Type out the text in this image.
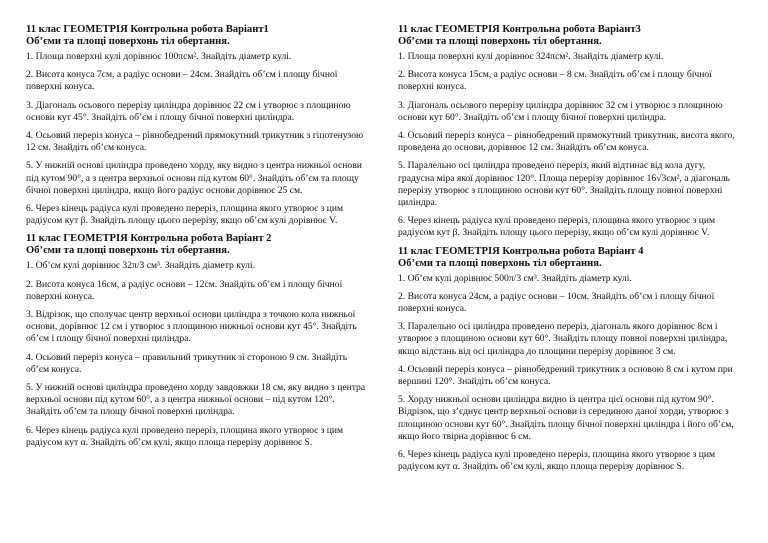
11 клас ГЕОМЕТРІЯ Контрольна робота Варіант1
Об’єми та площі поверхонь тіл обертання.

1. Площа поверхні кулі дорівнює 100πсм². Знайдіть діаметр кулі.

2. Висота конуса 7см, а радіус основи – 24см. Знайдіть об’єм і площу бічної поверхні конуса.

3. Діагональ осьового перерізу циліндра дорівнює 22 см і утворює з площиною основи кут 45°. Знайдіть об’єм і площу бічної поверхні циліндра.

4. Осьовий переріз конуса – рівнобедрений прямокутний трикутник з гіпотенузою 12 см. Знайдіть об’єм конуса.

5. У нижній основі циліндра проведено хорду, яку видно з центра нижньої основи під кутом 90°, а з центра верхньої основи під кутом 60°. Знайдіть об’єм та площу бічної поверхні циліндра, якщо його радіус основи дорівнює 25 см.

6. Через кінець радіуса кулі проведено переріз, площина якого утворює з цим радіусом кут β. Знайдіть площу цього перерізу, якщо об’єм кулі дорівнює V.

11 клас ГЕОМЕТРІЯ Контрольна робота Варіант 2
Об’єми та площі поверхонь тіл обертання.

1. Об’єм кулі дорівнює 32π/3 см³. Знайдіть діаметр кулі.

2. Висота конуса 16см, а радіус основи – 12см. Знайдіть об’єм і площу бічної поверхні конуса.

3. Відрізок, що сполучає центр верхньої основи циліндра з точкою кола нижньої основи, дорівнює 12 см і утворює з площиною нижньої основи кут 45°. Знайдіть об’єм і площу бічної поверхні циліндра.

4. Осьовий переріз конуса – правильний трикутник зі стороною 9 см. Знайдіть об’єм конуса.

5. У нижній основі циліндра проведено хорду завдовжки 18 см, яку видно з центра верхньої основи під кутом 60°, а з центра нижньої основи – під кутом 120°. Знайдіть об’єм та площу бічної поверхні циліндра.

6. Через кінець радіуса кулі проведено переріз, площина якого утворює з цим радіусом кут α. Знайдіть об’єм кулі, якщо площа перерізу дорівнює S.

11 клас ГЕОМЕТРІЯ Контрольна робота Варіант3
Об’єми та площі поверхонь тіл обертання.

1. Площа поверхні кулі дорівнює 324πсм². Знайдіть діаметр кулі.

2. Висота конуса 15см, а радіус основи – 8 см. Знайдіть об’єм і площу бічної поверхні конуса.

3. Діагональ осьового перерізу циліндра дорівнює 32 см і утворює з площиною основи кут 60°. Знайдіть об’єм і площу бічної поверхні циліндра.

4. Осьовий переріз конуса – рівнобедрений прямокутний трикутник, висота якого, проведена до основи, дорівнює 12 см. Знайдіть об’єм конуса.

5. Паралельно осі циліндра проведено переріз, який відтинає від кола дугу, градусна міра якої дорівнює 120°. Площа перерізу дорівнює 16√3см², а діагональ перерізу утворює з площиною основи кут 60°. Знайдіть площу повної поверхні циліндра.

6. Через кінець радіуса кулі проведено переріз, площина якого утворює з цим радіусом кут β. Знайдіть площу цього перерізу, якщо об’єм кулі дорівнює V.

11 клас ГЕОМЕТРІЯ Контрольна робота Варіант 4
Об’єми та площі поверхонь тіл обертання.

1. Об’єм кулі дорівнює 500π/3 см³. Знайдіть діаметр кулі.

2. Висота конуса 24см, а радіус основи – 10см. Знайдіть об’єм і площу бічної поверхні конуса.

3. Паралельно осі циліндра проведено переріз, діагональ якого дорівнює 8см і утворює з площиною основи кут 60°. Знайдіть площу повної поверхні циліндра, якщо відстань від осі циліндра до площини перерізу дорівнює 3 см.

4. Осьовий переріз конуса – рівнобедрений трикутник з основою 8 см і кутом при вершині 120°. Знайдіть об’єм конуса.

5. Хорду нижньої основи циліндра видно із центра цієї основи під кутом 90°. Відрізок, що з’єднує центр верхньої основи із серединою даної хорди, утворює з площиною основи кут 60°. Знайдіть площу бічної поверхні циліндра і його об’єм, якщо його твірна дорівнює 6 см.

6. Через кінець радіуса кулі проведено переріз, площина якого утворює з цим радіусом кут α. Знайдіть об’єм кулі, якщо площа перерізу дорівнює S.
